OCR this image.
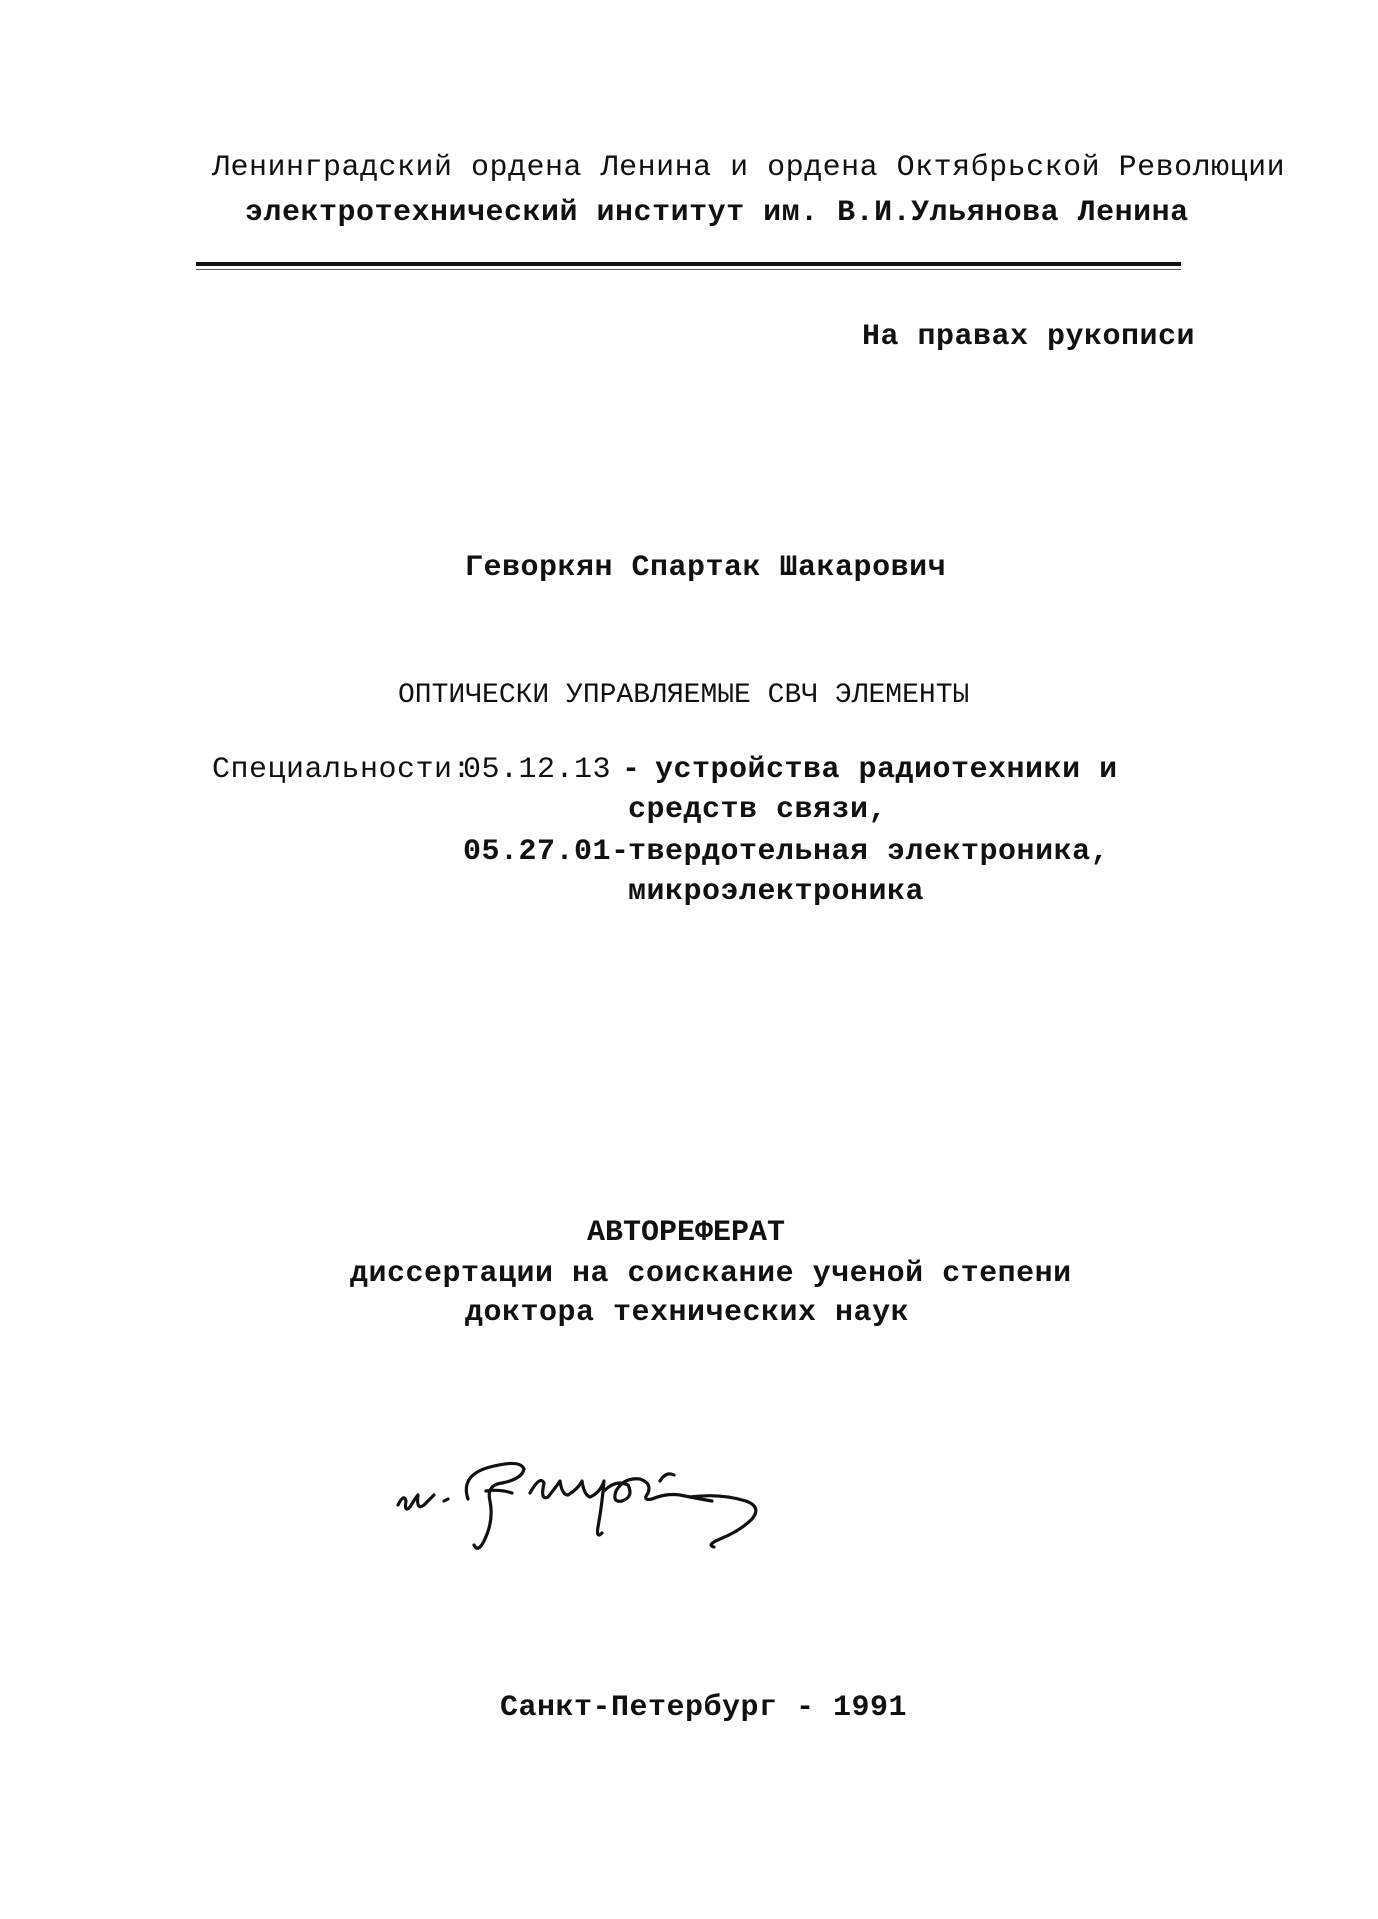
Ленинградский ордена Ленина и ордена Октябрьской Революции
электротехнический институт им. В.И.Ульянова Ленина
На правах рукописи
Геворкян Спартак Шакарович
ОПТИЧЕСКИ УПРАВЛЯЕМЫЕ СВЧ ЭЛЕМЕНТЫ
Специальности:
05.12.13 - устройства радиотехники и
средств связи,
05.27.01-
твердотельная электроника,
микроэлектроника
АВТОРЕФЕРАТ
диссертации на соискание ученой степени
доктора технических наук
Санкт-Петербург - 1991
